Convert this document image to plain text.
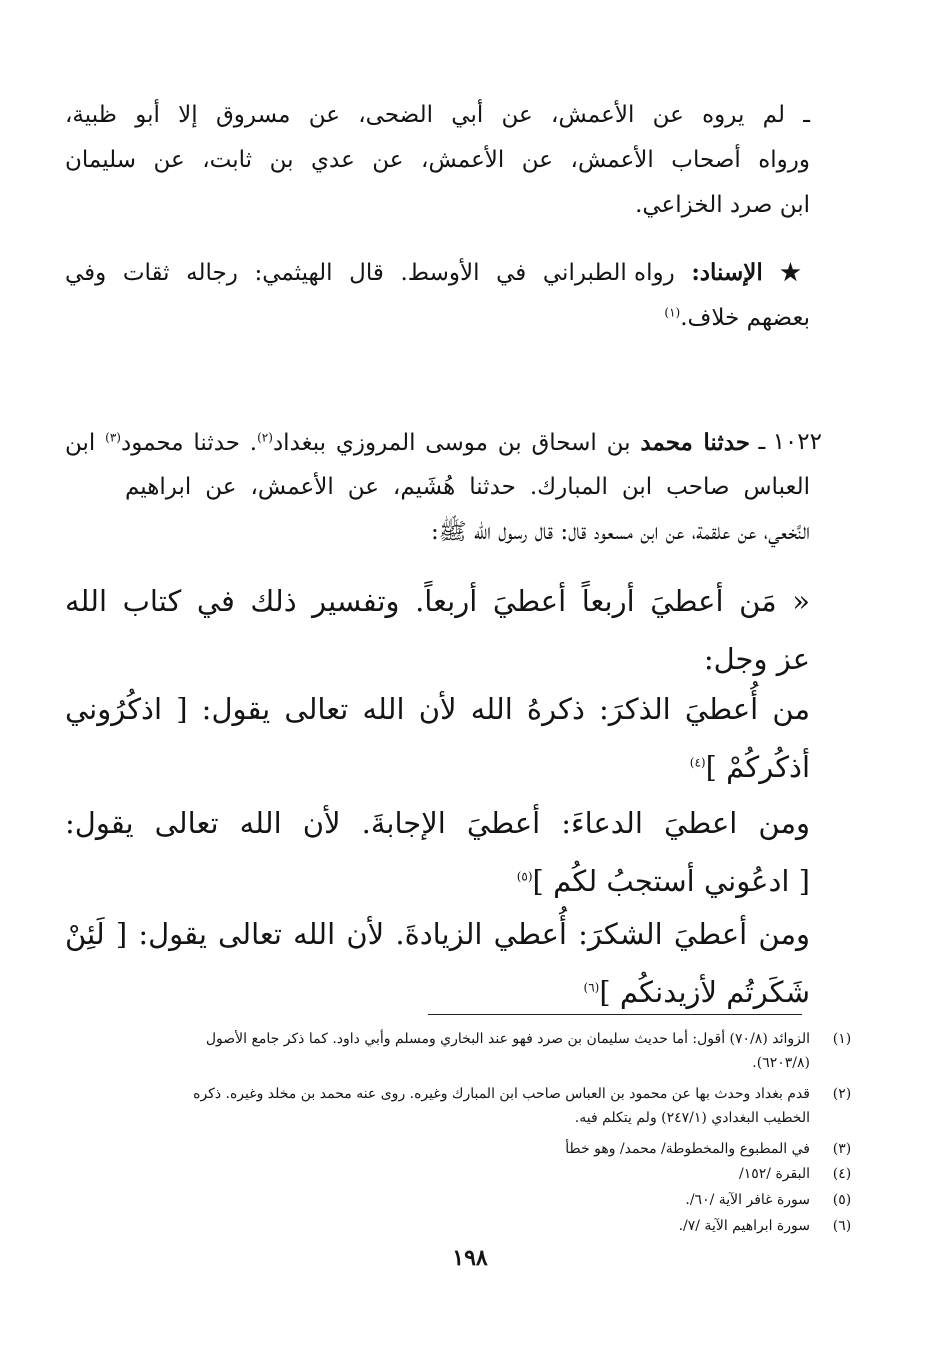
ـ لم يروه عن الأعمش، عن أبي الضحى، عن مسروق إلا أبو ظبية،
ورواه أصحاب الأعمش، عن الأعمش، عن عدي بن ثابت، عن سليمان
ابن صرد الخزاعي.
★ الإسناد: رواه الطبراني في الأوسط. قال الهيثمي: رجاله ثقات وفي
بعضهم خلاف.$^{(١)}$
١٠٢٢ ـ
حدثنا محمد بن اسحاق بن موسى المروزي ببغداد$^{(٢)}$. حدثنا محمود$^{(٣)}$ ابن
العباس صاحب ابن المبارك. حدثنا هُشَيم، عن الأعمش، عن ابراهيم
النَّخعي، عن علقمة، عن ابن مسعود قال: قال رسول الله ﷺ:
« مَن أعطيَ أربعاً أعطيَ أربعاً. وتفسير ذلك في كتاب الله
عز وجل:
من أُعطيَ الذكرَ: ذكرهُ الله لأن الله تعالى يقول: [ اذكُرُوني
أذكُركُمْ ]$^{(٤)}$
ومن اعطيَ الدعاءَ: أعطيَ الإجابةَ. لأن الله تعالى يقول:
[ ادعُوني أستجبُ لكُم ]$^{(٥)}$
ومن أعطيَ الشكرَ: أُعطي الزيادةَ. لأن الله تعالى يقول: [ لَئِنْ
شَكَرتُم لأزيدنكُم ]$^{(٦)}$
(١)
الزوائد (٧٠/٨) أقول: أما حديث سليمان بن صرد فهو عند البخاري ومسلم وأبي داود. كما ذكر جامع الأصول
(٦٢٠٣/٨).
(٢)
قدم بغداد وحدث بها عن محمود بن العباس صاحب ابن المبارك وغيره. روى عنه محمد بن مخلد وغيره. ذكره
الخطيب البغدادي (٢٤٧/١) ولم يتكلم فيه.
(٣)
في المطبوع والمخطوطة/ محمد/ وهو خطأ
(٤)
البقرة /١٥٢/
(٥)
سورة غافر الآية /٦٠/.
(٦)
سورة ابراهيم الآية /٧/.
١٩٨
